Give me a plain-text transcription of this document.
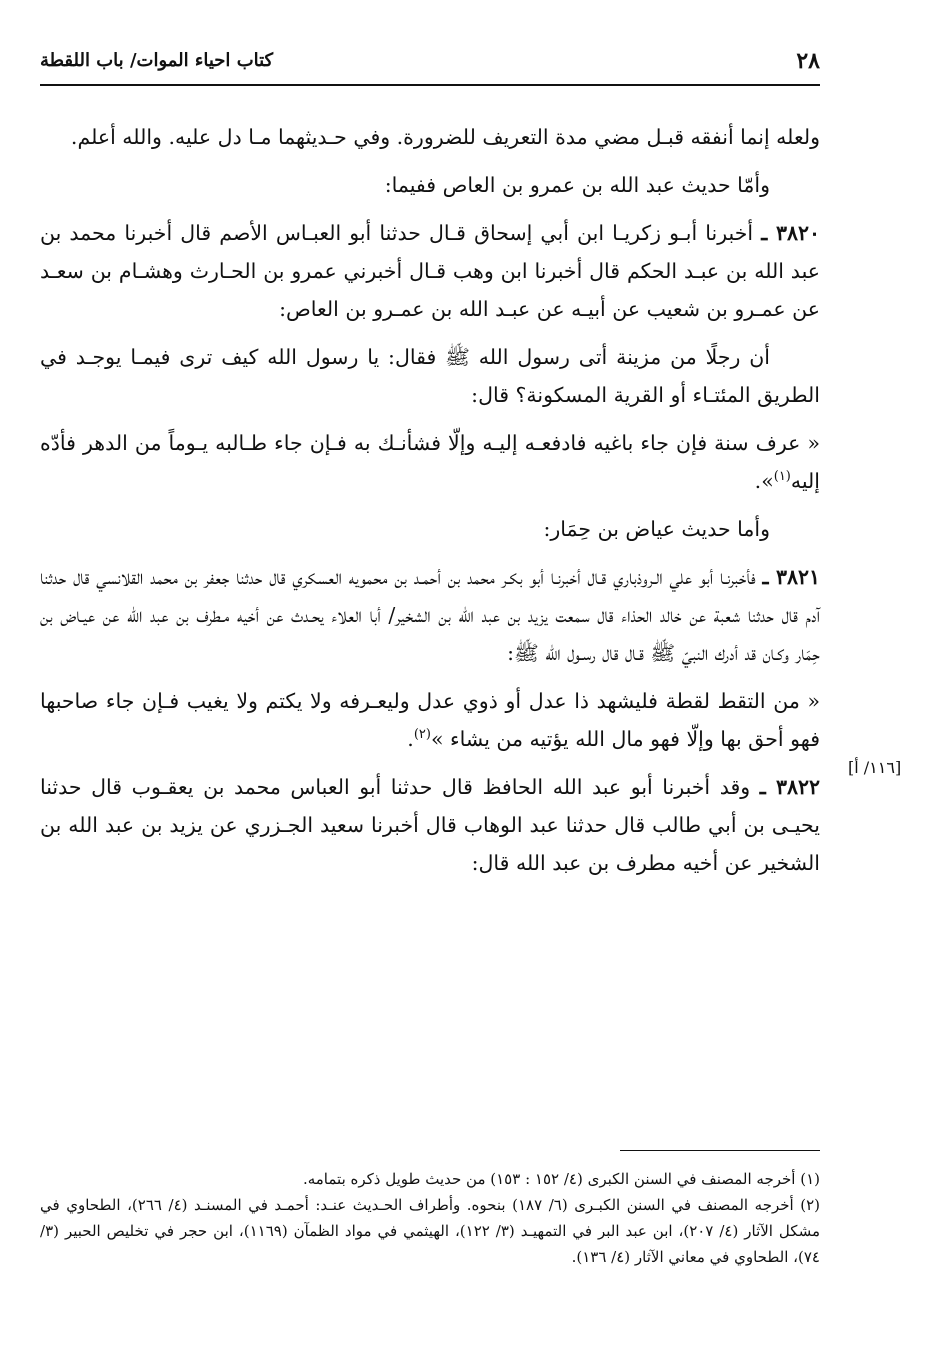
٢٨
كتاب احياء الموات/ باب اللقطة

ولعله إنما أنفقه قبـل مضي مدة التعريف للضرورة. وفي حـديثهما مـا دل عليه. والله أعلم.

وأمّا حديث عبد الله بن عمرو بن العاص ففيما:

٣٨٢٠ ـ أخبرنا أبـو زكريـا ابن أبي إسحاق قـال حدثنا أبو العبـاس الأصم قال أخبرنا محمد بن عبد الله بن عبـد الحكم قال أخبرنا ابن وهب قـال أخبرني عمرو بن الحـارث وهشـام بن سعـد عن عمـرو بن شعيب عن أبيـه عن عبـد الله بن عمـرو بن العاص:

أن رجلًا من مزينة أتى رسول الله ﷺ فقال: يا رسول الله كيف ترى فيمـا يوجـد في الطريق المئتـاء أو القرية المسكونة؟ قال:

« عرف سنة فإن جاء باغيه فادفعـه إليـه وإلّا فشأنـك به فـإن جاء طـالبه يـوماً من الدهر فأدّه إليه$^{(١)}$».

وأما حديث عياض بن حِمَار:

٣٨٢١ ـ فأخبرنـا أبو علي الـروذباري قـال أخبرنـا أبو بكـر محمد بن أحمـد بن محمويه العسكري قال حدثنا جعفر بن محمد القلانسي قال حدثنا آدم قال حدثنا شعبة عن خالد الحذاء قال سمعت يزيد بن عبد الله بن الشخير/ أبا العلاء يحـدث عن أخيه مـطرف بن عبد الله عن عيـاض بن حِمَار وكـان قد أدرك النبيّ ﷺ قـال قال رسـول الله ﷺ:

« من التقط لقطة فليشهد ذا عدل أو ذوي عدل وليعـرفه ولا يكتم ولا يغيب فـإن جاء صاحبها فهو أحق بها وإلّا فهو مال الله يؤتيه من يشاء »$^{(٢)}$.

٣٨٢٢ ـ وقد أخبرنا أبو عبد الله الحافظ قال حدثنا أبو العباس محمد بن يعقـوب قال حدثنا يحيـى بن أبي طالب قال حدثنا عبد الوهاب قال أخبرنا سعيد الجـزري عن يزيد بن عبد الله بن الشخير عن أخيه مطرف بن عبد الله قال:

[١١٦/ أ]

(١) أخرجه المصنف في السنن الكبرى (٤/ ١٥٢ : ١٥٣) من حديث طويل ذكره بتمامه.

(٢) أخرجه المصنف في السنن الكبـرى (٦/ ١٨٧) بنحوه. وأطراف الحـديث عنـد: أحمـد في المسنـد (٤/ ٢٦٦)، الطحاوي في مشكل الآثار (٤/ ٢٠٧)، ابن عبد البر في التمهيـد (٣/ ١٢٢)، الهيثمي في مواد الظمآن (١١٦٩)، ابن حجر في تخليص الحبير (٣/ ٧٤)، الطحاوي في معاني الآثار (٤/ ١٣٦).
